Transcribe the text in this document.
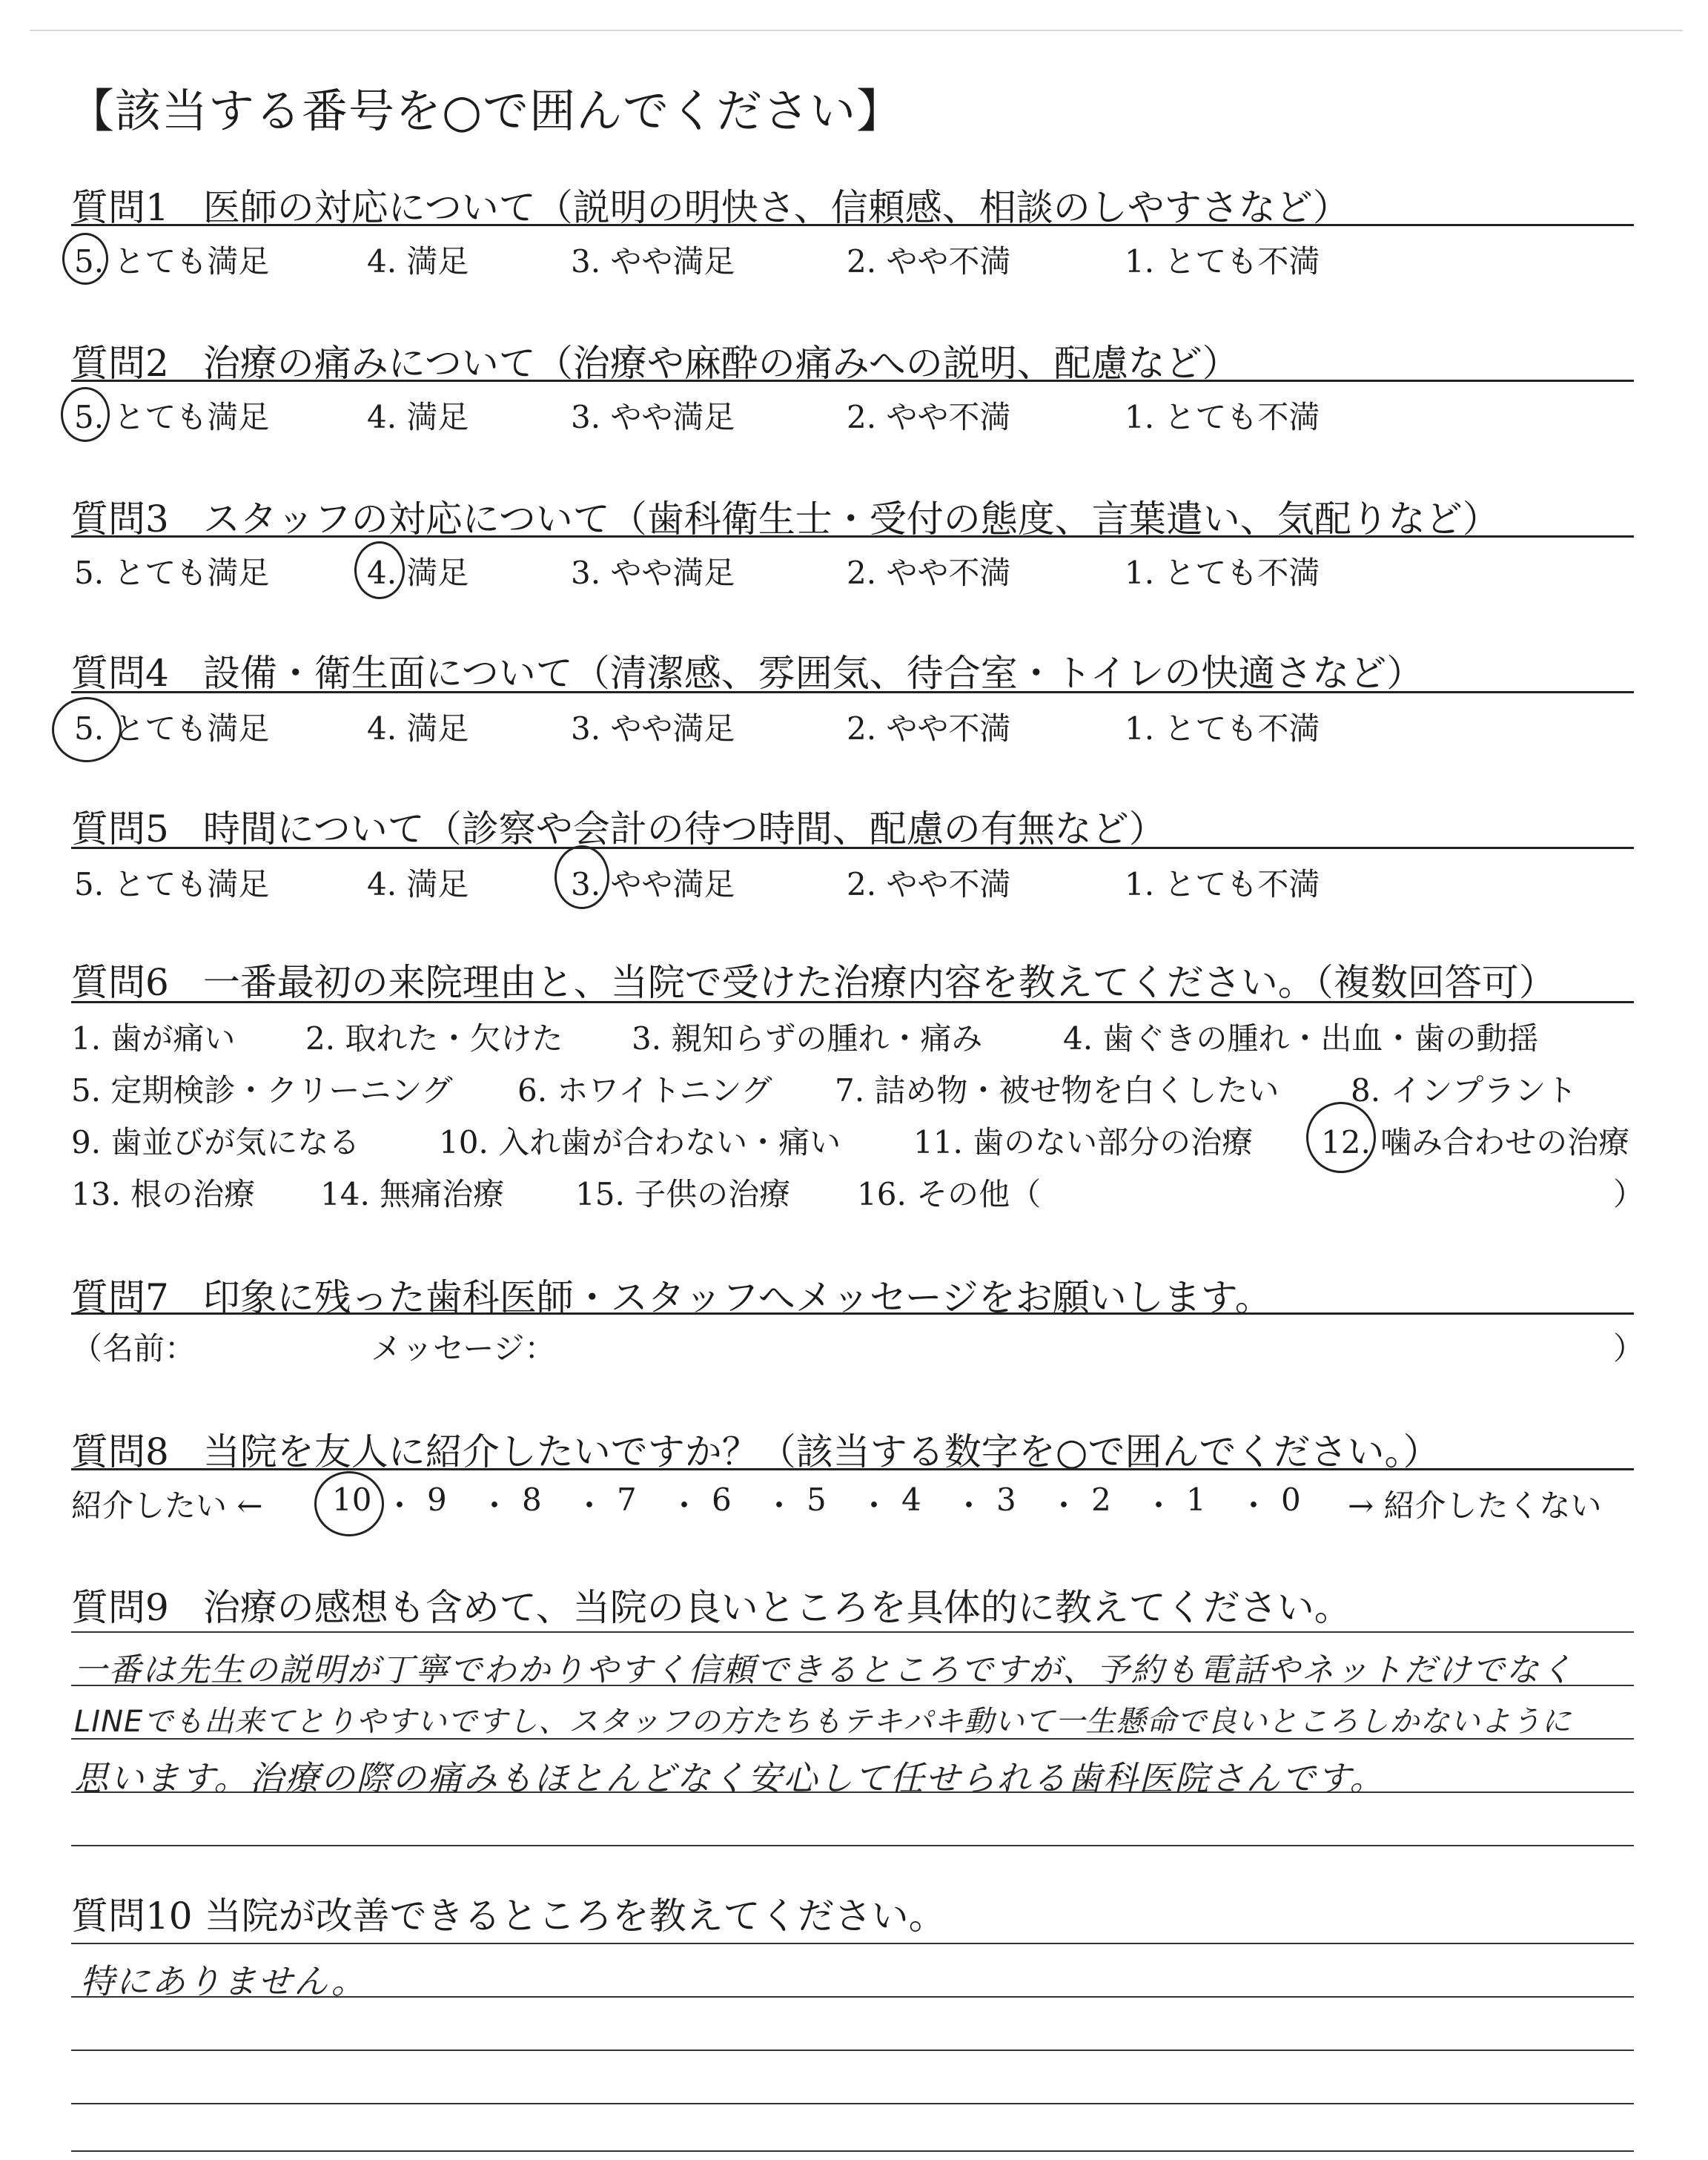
【該当する番号を○で囲んでください】
質問1 医師の対応について（説明の明快さ、信頼感、相談のしやすさなど）
5. とても満足	4. 満足	3. やや満足	2. やや不満	1. とても不満
質問2 治療の痛みについて（治療や麻酔の痛みへの説明、配慮など）
5. とても満足	4. 満足	3. やや満足	2. やや不満	1. とても不満
質問3 スタッフの対応について（歯科衛生士・受付の態度、言葉遣い、気配りなど）
5. とても満足	4. 満足	3. やや満足	2. やや不満	1. とても不満
質問4 設備・衛生面について（清潔感、雰囲気、待合室・トイレの快適さなど）
5. とても満足	4. 満足	3. やや満足	2. やや不満	1. とても不満
質問5 時間について（診察や会計の待つ時間、配慮の有無など）
5. とても満足	4. 満足	3. やや満足	2. やや不満	1. とても不満
質問6 一番最初の来院理由と、当院で受けた治療内容を教えてください。（複数回答可）
1. 歯が痛い 2. 取れた・欠けた 3. 親知らずの腫れ・痛み	4. 歯ぐきの腫れ・出血・歯の動揺
5. 定期検診・クリーニング 6. ホワイトニング 7. 詰め物・被せ物を白くしたい 8. インプラント
9. 歯並びが気になる	10. 入れ歯が合わない・痛い 11. 歯のない部分の治療 12. 噛み合わせの治療
13. 根の治療 14. 無痛治療 15. 子供の治療 16. その他（	）
質問7 印象に残った歯科医師・スタッフへメッセージをお願いします。
（名前：	メッセージ：	）
質問8 当院を友人に紹介したいですか？（該当する数字を○で囲んでください。）
紹介したい ← 10 ・ 9 ・ 8 ・ 7 ・ 6 ・ 5 ・ 4 ・ 3 ・ 2 ・ 1 ・ 0 → 紹介したくない
質問9 治療の感想も含めて、当院の良いところを具体的に教えてください。
一番は先生の説明が丁寧でわかりやすく信頼できるところですが、予約も電話やネットだけでなく
LINEでも出来てとりやすいですし、スタッフの方たちもテキパキ動いて一生懸命で良いところしかないように
思います。治療の際の痛みもほとんどなく安心して任せられる歯科医院さんです。
質問10 当院が改善できるところを教えてください。
特にありません。
